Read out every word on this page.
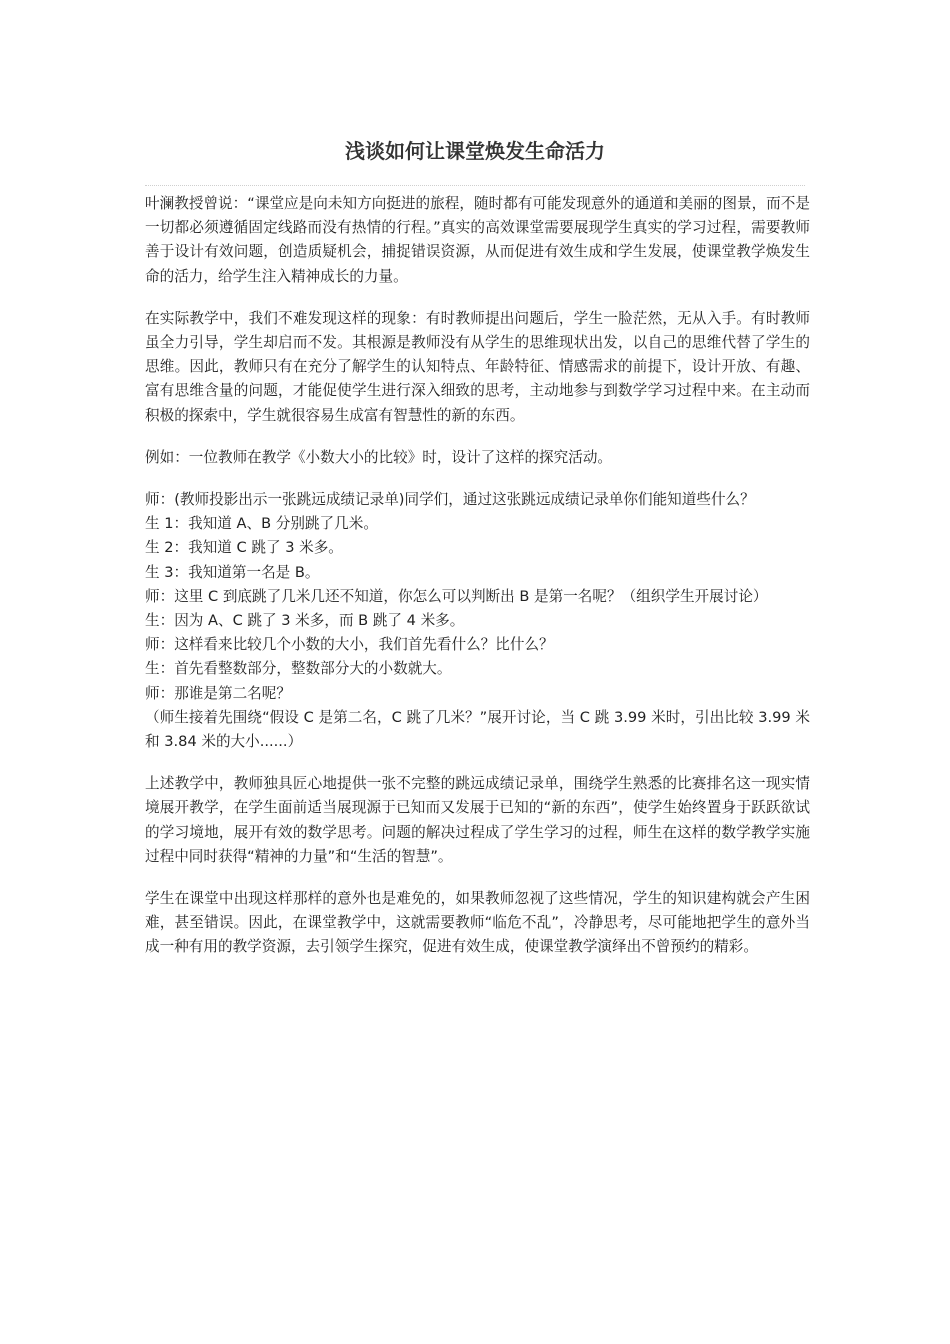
浅谈如何让课堂焕发生命活力

叶澜教授曾说：“课堂应是向未知方向挺进的旅程，随时都有可能发现意外的通道和美丽的图景，而不是一切都必须遵循固定线路而没有热情的行程。”真实的高效课堂需要展现学生真实的学习过程，需要教师善于设计有效问题，创造质疑机会，捕捉错误资源，从而促进有效生成和学生发展，使课堂教学焕发生命的活力，给学生注入精神成长的力量。

在实际教学中，我们不难发现这样的现象：有时教师提出问题后，学生一脸茫然，无从入手。有时教师虽全力引导，学生却启而不发。其根源是教师没有从学生的思维现状出发，以自己的思维代替了学生的思维。因此，教师只有在充分了解学生的认知特点、年龄特征、情感需求的前提下，设计开放、有趣、富有思维含量的问题，才能促使学生进行深入细致的思考，主动地参与到数学学习过程中来。在主动而积极的探索中，学生就很容易生成富有智慧性的新的东西。

例如：一位教师在教学《小数大小的比较》时，设计了这样的探究活动。

师：(教师投影出示一张跳远成绩记录单)同学们，通过这张跳远成绩记录单你们能知道些什么？

生 1：我知道 A、B 分别跳了几米。

生 2：我知道 C 跳了 3 米多。

生 3：我知道第一名是 B。

师：这里 C 到底跳了几米几还不知道，你怎么可以判断出 B 是第一名呢？（组织学生开展讨论）

生：因为 A、C 跳了 3 米多，而 B 跳了 4 米多。

师：这样看来比较几个小数的大小，我们首先看什么？比什么？

生：首先看整数部分，整数部分大的小数就大。

师：那谁是第二名呢？

（师生接着先围绕“假设 C 是第二名，C 跳了几米？”展开讨论，当 C 跳 3.99 米时，引出比较 3.99 米和 3.84 米的大小......）

上述教学中，教师独具匠心地提供一张不完整的跳远成绩记录单，围绕学生熟悉的比赛排名这一现实情境展开教学，在学生面前适当展现源于已知而又发展于已知的“新的东西”，使学生始终置身于跃跃欲试的学习境地，展开有效的数学思考。问题的解决过程成了学生学习的过程，师生在这样的数学教学实施过程中同时获得“精神的力量”和“生活的智慧”。

学生在课堂中出现这样那样的意外也是难免的，如果教师忽视了这些情况，学生的知识建构就会产生困难，甚至错误。因此，在课堂教学中，这就需要教师“临危不乱”，冷静思考，尽可能地把学生的意外当成一种有用的教学资源，去引领学生探究，促进有效生成，使课堂教学演绎出不曾预约的精彩。
